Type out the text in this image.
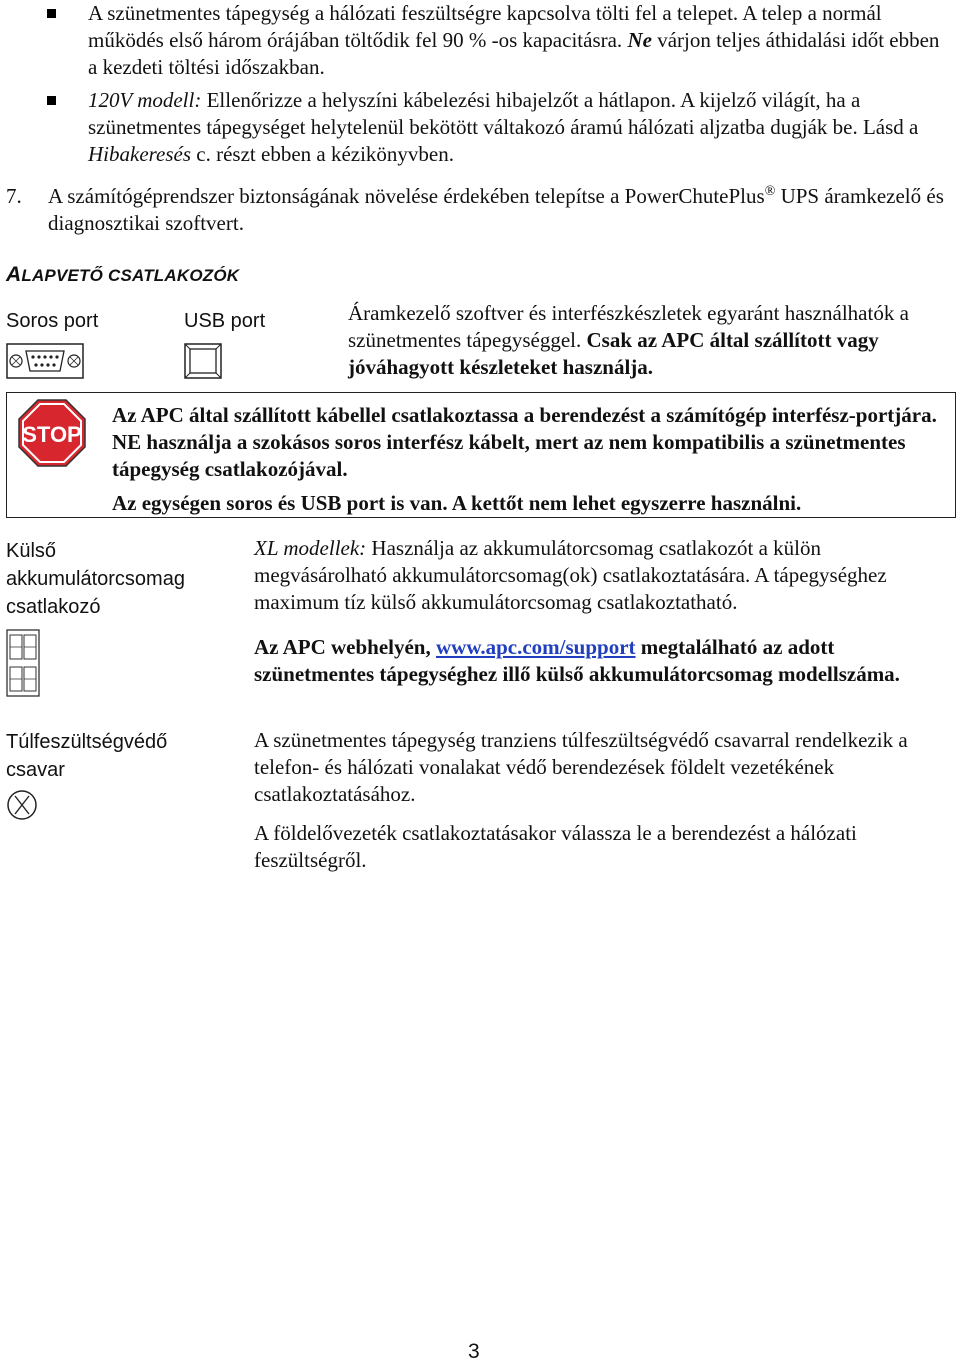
A szünetmentes tápegység a hálózati feszültségre kapcsolva tölti fel a telepet. A telep a normál működés első három órájában töltődik fel 90 % -os kapacitásra. Ne várjon teljes áthidalási időt ebben a kezdeti töltési időszakban.
120V modell: Ellenőrizze a helyszíni kábelezési hibajelzőt a hátlapon. A kijelző világít, ha a szünetmentes tápegységet helytelenül bekötött váltakozó áramú hálózati aljzatba dugják be. Lásd a Hibakeresés c. részt ebben a kézikönyvben.
7. A számítógéprendszer biztonságának növelése érdekében telepítse a PowerChutePlus® UPS áramkezelő és diagnosztikai szoftvert.
ALAPVETŐ CSATLAKOZÓK
Soros port	USB port	Áramkezelő szoftver és interfészkészletek egyaránt használhatók a szünetmentes tápegységgel. Csak az APC által szállított vagy jóváhagyott készleteket használja.
STOP
Az APC által szállított kábellel csatlakoztassa a berendezést a számítógép interfész-portjára. NE használja a szokásos soros interfész kábelt, mert az nem kompatibilis a szünetmentes tápegység csatlakozójával.
Az egységen soros és USB port is van. A kettőt nem lehet egyszerre használni.
Külső akkumulátorcsomag csatlakozó
XL modellek: Használja az akkumulátorcsomag csatlakozót a külön megvásárolható akkumulátorcsomag(ok) csatlakoztatására. A tápegységhez maximum tíz külső akkumulátorcsomag csatlakoztatható.
Az APC webhelyén, www.apc.com/support megtalálható az adott szünetmentes tápegységhez illő külső akkumulátorcsomag modellszáma.
Túlfeszültségvédő csavar
A szünetmentes tápegység tranziens túlfeszültségvédő csavarral rendelkezik a telefon- és hálózati vonalakat védő berendezések földelt vezetékének csatlakoztatásához.
A földelővezeték csatlakoztatásakor válassza le a berendezést a hálózati feszültségről.
3
